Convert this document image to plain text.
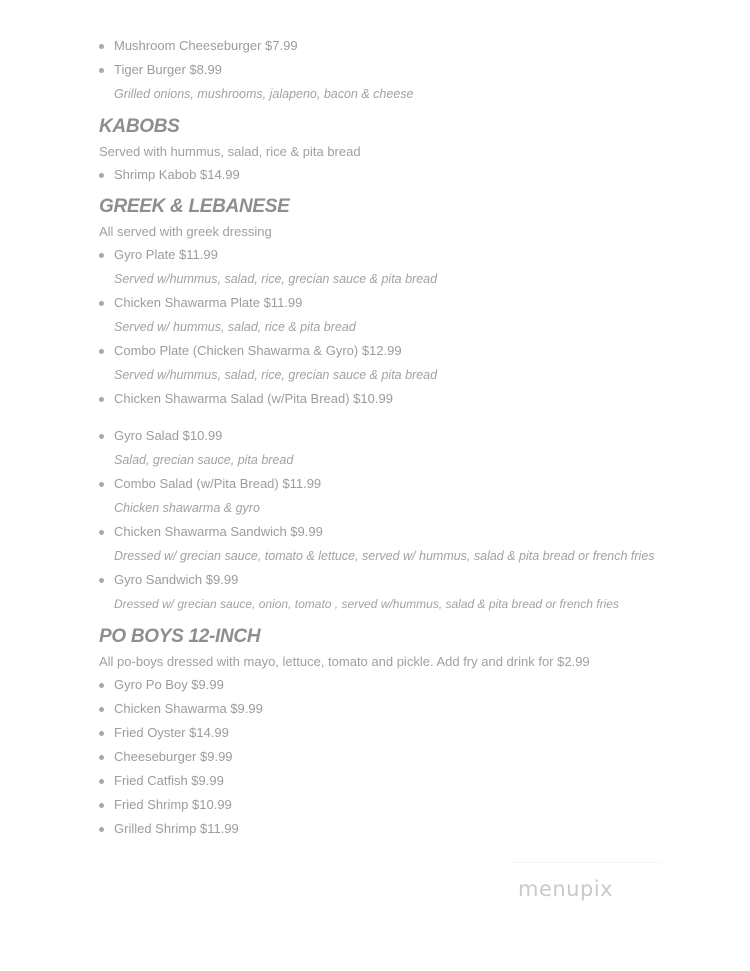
Mushroom Cheeseburger $7.99
Tiger Burger $8.99
Grilled onions, mushrooms, jalapeno, bacon & cheese
KABOBS

Served with hummus, salad, rice & pita bread

Shrimp Kabob $14.99
GREEK & LEBANESE

All served with greek dressing

Gyro Plate $11.99
Served w/hummus, salad, rice, grecian sauce & pita bread
Chicken Shawarma Plate $11.99
Served w/ hummus, salad, rice & pita bread
Combo Plate (Chicken Shawarma & Gyro) $12.99
Served w/hummus, salad, rice, grecian sauce & pita bread
Chicken Shawarma Salad (w/Pita Bread) $10.99
Gyro Salad $10.99
Salad, grecian sauce, pita bread
Combo Salad (w/Pita Bread) $11.99
Chicken shawarma & gyro
Chicken Shawarma Sandwich $9.99
Dressed w/ grecian sauce, tomato & lettuce, served w/ hummus, salad & pita bread or french fries
Gyro Sandwich $9.99
Dressed w/ grecian sauce, onion, tomato , served w/hummus, salad & pita bread or french fries
PO BOYS 12-INCH

All po-boys dressed with mayo, lettuce, tomato and pickle. Add fry and drink for $2.99

Gyro Po Boy $9.99
Chicken Shawarma $9.99
Fried Oyster $14.99
Cheeseburger $9.99
Fried Catfish $9.99
Fried Shrimp $10.99
Grilled Shrimp $11.99
menupix
